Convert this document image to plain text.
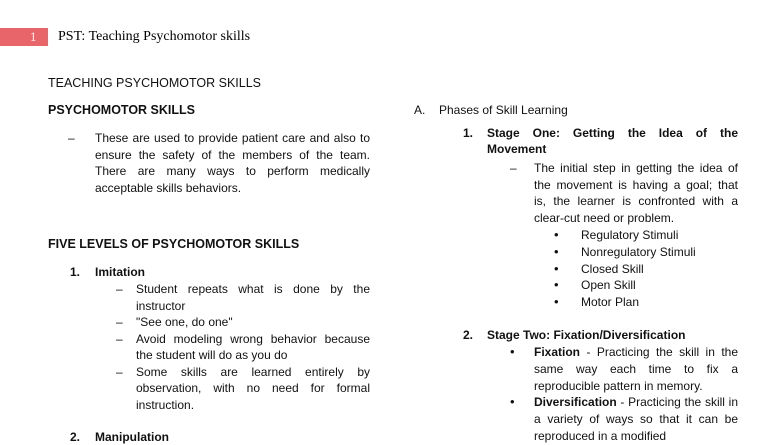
1 PST: Teaching Psychomotor skills
TEACHING PSYCHOMOTOR SKILLS
PSYCHOMOTOR SKILLS
– These are used to provide patient care and also to ensure the safety of the members of the team. There are many ways to perform medically acceptable skills behaviors.
FIVE LEVELS OF PSYCHOMOTOR SKILLS
1. Imitation
– Student repeats what is done by the instructor
– "See one, do one"
– Avoid modeling wrong behavior because the student will do as you do
– Some skills are learned entirely by observation, with no need for formal instruction.
2. Manipulation
A. Phases of Skill Learning
1. Stage One: Getting the Idea of the Movement
– The initial step in getting the idea of the movement is having a goal; that is, the learner is confronted with a clear-cut need or problem.
• Regulatory Stimuli
• Nonregulatory Stimuli
• Closed Skill
• Open Skill
• Motor Plan
2. Stage Two: Fixation/Diversification
• Fixation - Practicing the skill in the same way each time to fix a reproducible pattern in memory.
• Diversification - Practicing the skill in a variety of ways so that it can be reproduced in a modified
